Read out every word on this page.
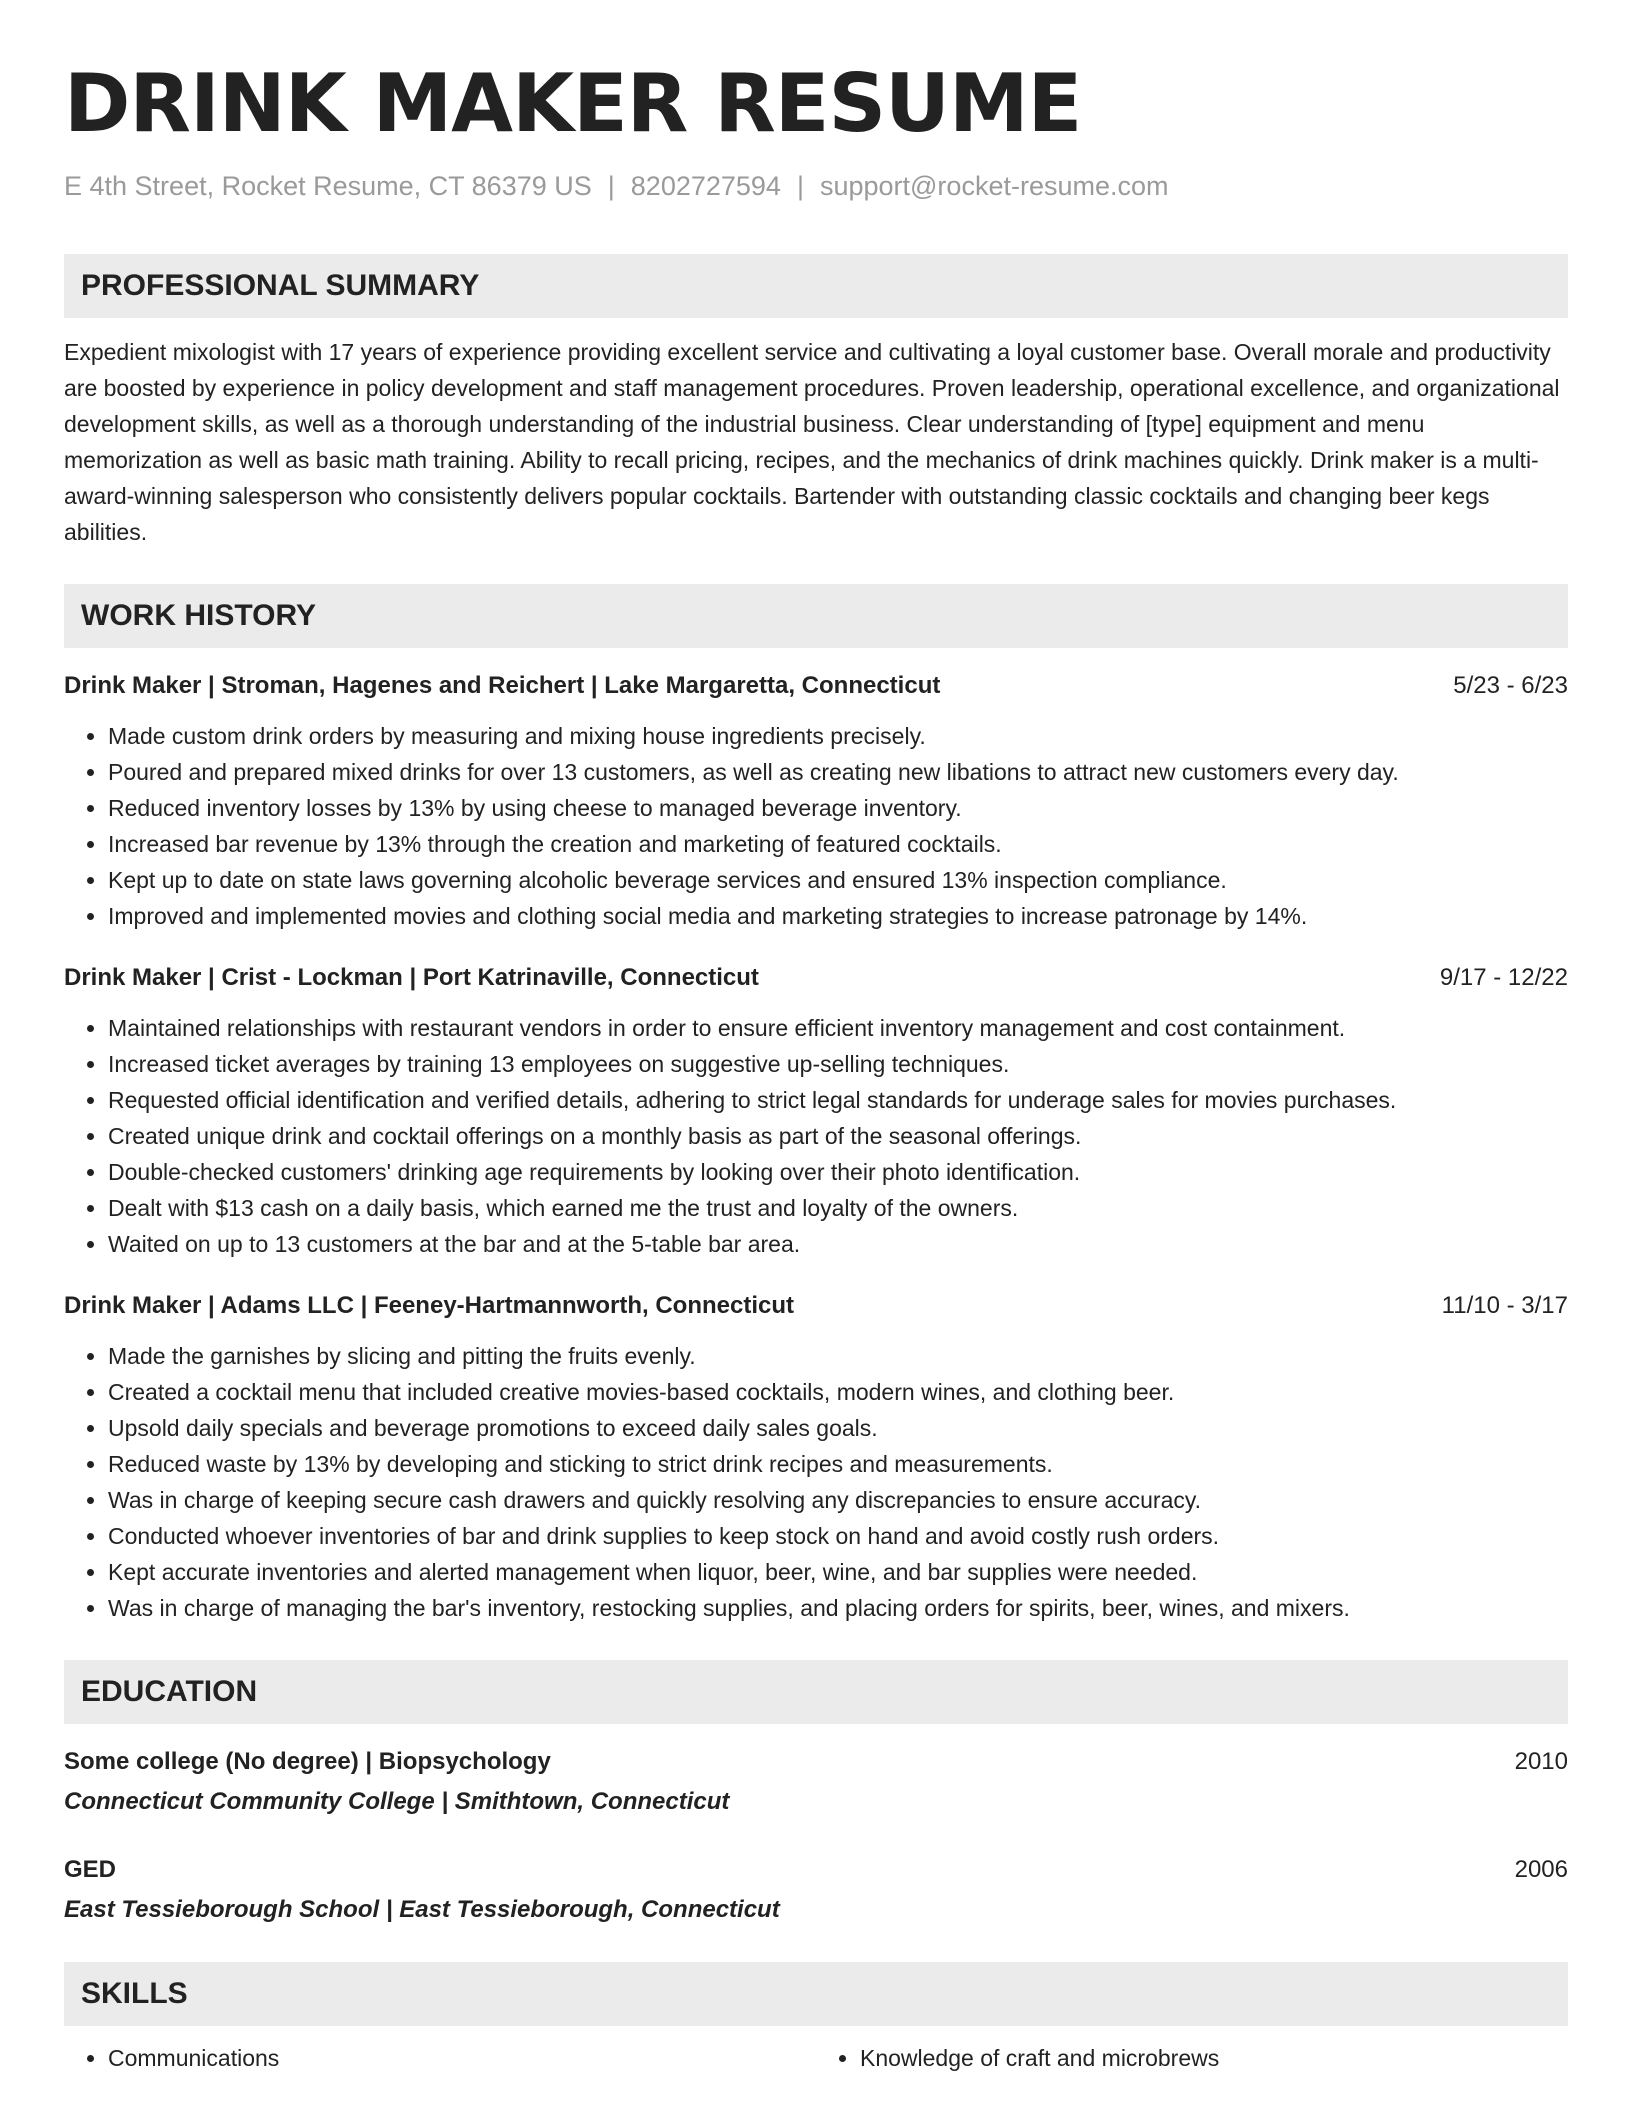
DRINK MAKER RESUME
E 4th Street, Rocket Resume, CT 86379 US | 8202727594 | support@rocket-resume.com
PROFESSIONAL SUMMARY

Expedient mixologist with 17 years of experience providing excellent service and cultivating a loyal customer base. Overall morale and productivity are boosted by experience in policy development and staff management procedures. Proven leadership, operational excellence, and organizational development skills, as well as a thorough understanding of the industrial business. Clear understanding of [type] equipment and menu memorization as well as basic math training. Ability to recall pricing, recipes, and the mechanics of drink machines quickly. Drink maker is a multi-award-winning salesperson who consistently delivers popular cocktails. Bartender with outstanding classic cocktails and changing beer kegs abilities.

WORK HISTORY
Drink Maker | Stroman, Hagenes and Reichert | Lake Margaretta, Connecticut	5/23 - 6/23
• Made custom drink orders by measuring and mixing house ingredients precisely.
• Poured and prepared mixed drinks for over 13 customers, as well as creating new libations to attract new customers every day.
• Reduced inventory losses by 13% by using cheese to managed beverage inventory.
• Increased bar revenue by 13% through the creation and marketing of featured cocktails.
• Kept up to date on state laws governing alcoholic beverage services and ensured 13% inspection compliance.
• Improved and implemented movies and clothing social media and marketing strategies to increase patronage by 14%.
Drink Maker | Crist - Lockman | Port Katrinaville, Connecticut	9/17 - 12/22
• Maintained relationships with restaurant vendors in order to ensure efficient inventory management and cost containment.
• Increased ticket averages by training 13 employees on suggestive up-selling techniques.
• Requested official identification and verified details, adhering to strict legal standards for underage sales for movies purchases.
• Created unique drink and cocktail offerings on a monthly basis as part of the seasonal offerings.
• Double-checked customers' drinking age requirements by looking over their photo identification.
• Dealt with $13 cash on a daily basis, which earned me the trust and loyalty of the owners.
• Waited on up to 13 customers at the bar and at the 5-table bar area.
Drink Maker | Adams LLC | Feeney-Hartmannworth, Connecticut	11/10 - 3/17
• Made the garnishes by slicing and pitting the fruits evenly.
• Created a cocktail menu that included creative movies-based cocktails, modern wines, and clothing beer.
• Upsold daily specials and beverage promotions to exceed daily sales goals.
• Reduced waste by 13% by developing and sticking to strict drink recipes and measurements.
• Was in charge of keeping secure cash drawers and quickly resolving any discrepancies to ensure accuracy.
• Conducted whoever inventories of bar and drink supplies to keep stock on hand and avoid costly rush orders.
• Kept accurate inventories and alerted management when liquor, beer, wine, and bar supplies were needed.
• Was in charge of managing the bar's inventory, restocking supplies, and placing orders for spirits, beer, wines, and mixers.
EDUCATION
Some college (No degree) | Biopsychology	2010
Connecticut Community College | Smithtown, Connecticut
GED	2006
East Tessieborough School | East Tessieborough, Connecticut
SKILLS
• Communications
•	Knowledge of craft and microbrews
